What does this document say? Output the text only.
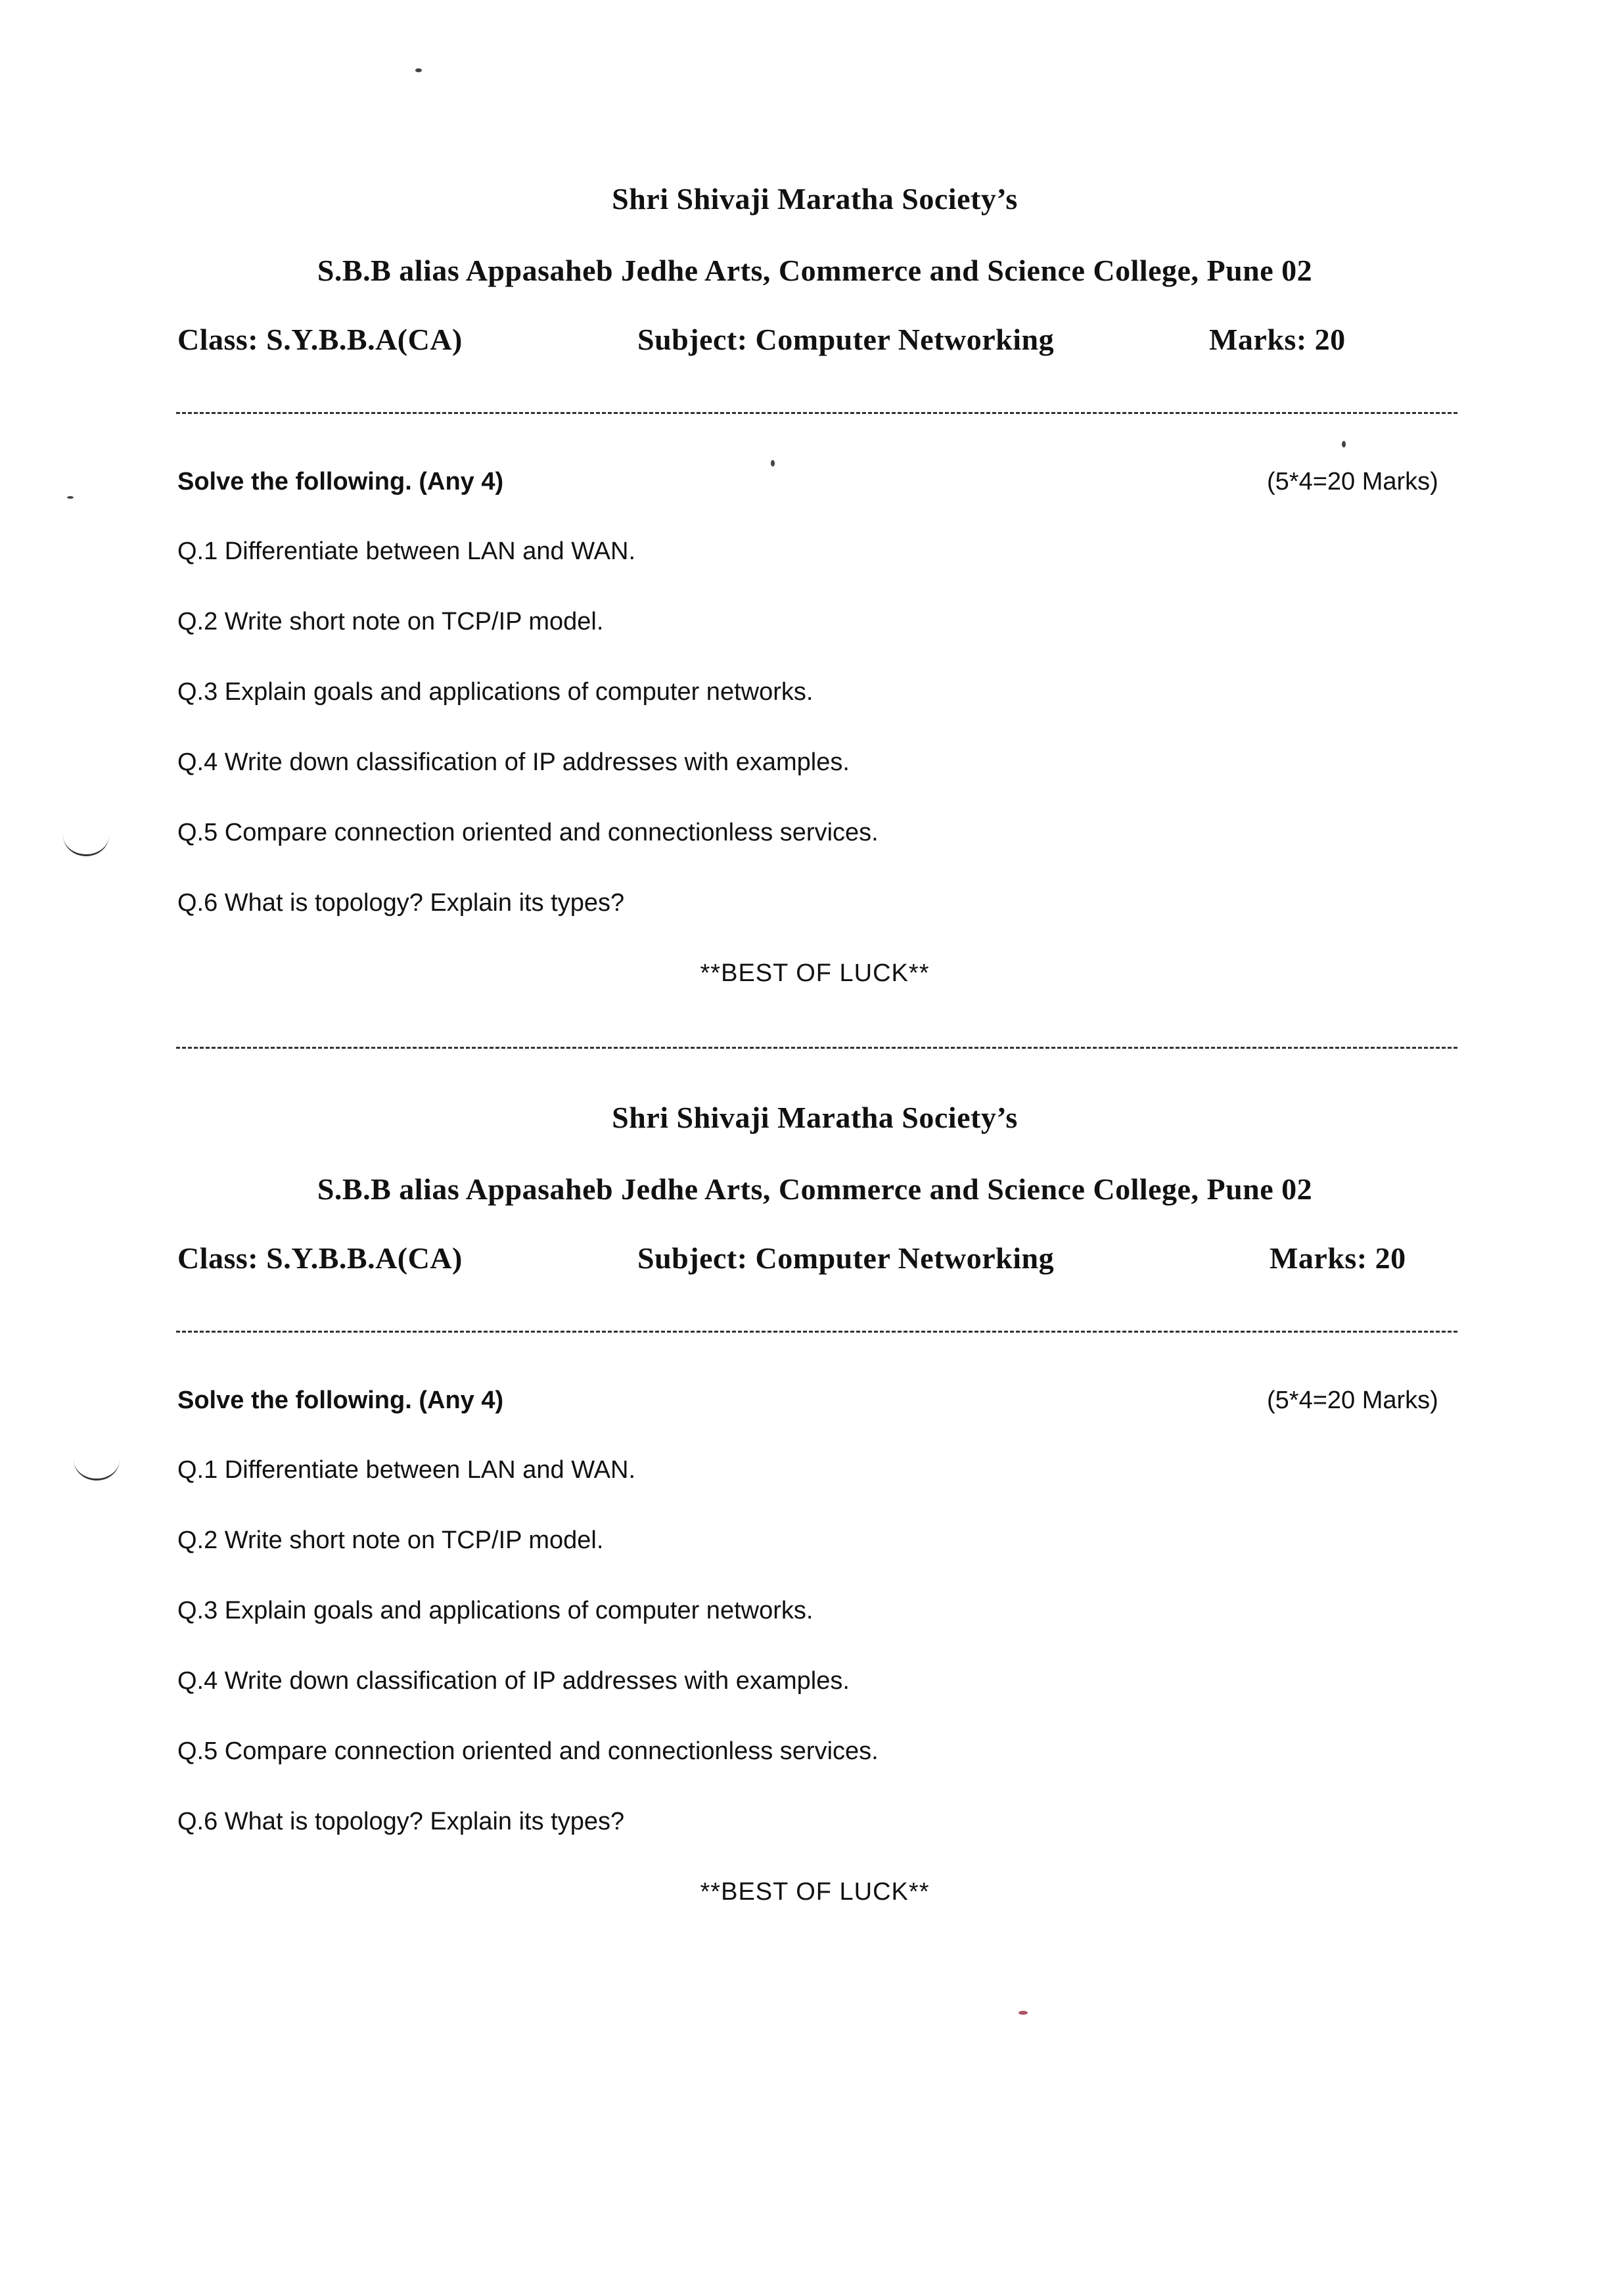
Shri Shivaji Maratha Society’s
S.B.B alias Appasaheb Jedhe Arts, Commerce and Science College, Pune 02
Class: S.Y.B.B.A(CA)	Subject: Computer Networking	Marks: 20
Solve the following. (Any 4)	(5*4=20 Marks)
Q.1 Differentiate between LAN and WAN.
Q.2 Write short note on TCP/IP model.
Q.3 Explain goals and applications of computer networks.
Q.4 Write down classification of IP addresses with examples.
Q.5 Compare connection oriented and connectionless services.
Q.6 What is topology? Explain its types?
**BEST OF LUCK**
Shri Shivaji Maratha Society’s
S.B.B alias Appasaheb Jedhe Arts, Commerce and Science College, Pune 02
Class: S.Y.B.B.A(CA)	Subject: Computer Networking	Marks: 20
Solve the following. (Any 4)	(5*4=20 Marks)
Q.1 Differentiate between LAN and WAN.
Q.2 Write short note on TCP/IP model.
Q.3 Explain goals and applications of computer networks.
Q.4 Write down classification of IP addresses with examples.
Q.5 Compare connection oriented and connectionless services.
Q.6 What is topology? Explain its types?
**BEST OF LUCK**
